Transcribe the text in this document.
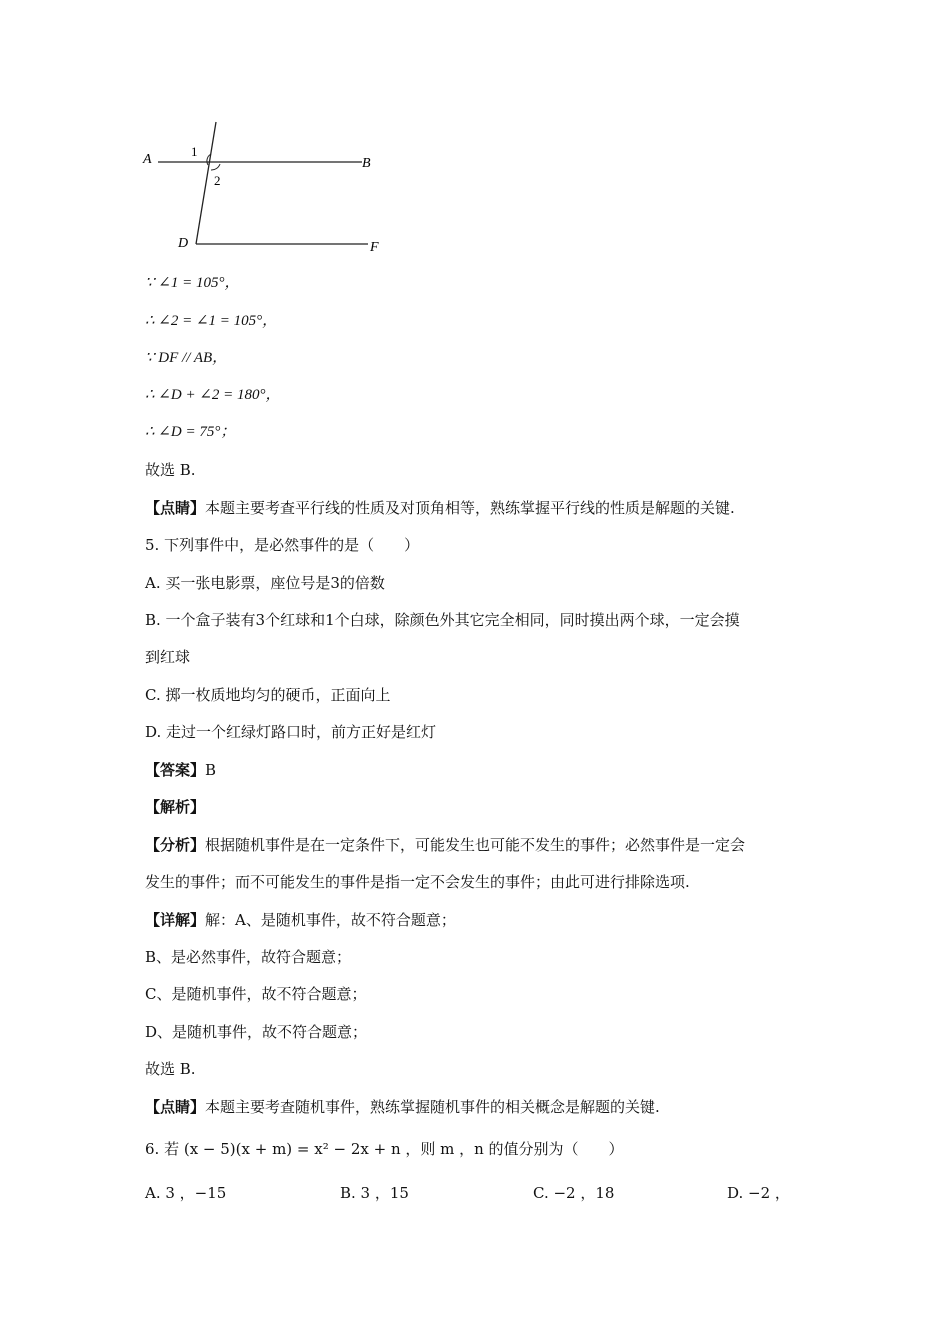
A	B
D	F
1
2
∵ ∠1 = 105°，
∴ ∠2 = ∠1 = 105°，
∵ DF // AB，
∴ ∠D + ∠2 = 180°，
∴ ∠D = 75°；
故选 B.
【点睛】本题主要考查平行线的性质及对顶角相等，熟练掌握平行线的性质是解题的关键.
5. 下列事件中，是必然事件的是（　　）
A. 买一张电影票，座位号是3的倍数
B. 一个盒子装有3个红球和1个白球，除颜色外其它完全相同，同时摸出两个球，一定会摸
到红球
C. 掷一枚质地均匀的硬币，正面向上
D. 走过一个红绿灯路口时，前方正好是红灯
【答案】B
【解析】
【分析】根据随机事件是在一定条件下，可能发生也可能不发生的事件；必然事件是一定会
发生的事件；而不可能发生的事件是指一定不会发生的事件；由此可进行排除选项.
【详解】解：A、是随机事件，故不符合题意；
B、是必然事件，故符合题意；
C、是随机事件，故不符合题意；
D、是随机事件，故不符合题意；
故选 B.
【点睛】本题主要考查随机事件，熟练掌握随机事件的相关概念是解题的关键.
6. 若 (x − 5)(x + m) = x² − 2x + n ，则 m ，n 的值分别为（　　）
A. 3 ，−15	B. 3 ，15	C. −2 ，18	D. −2 ，
